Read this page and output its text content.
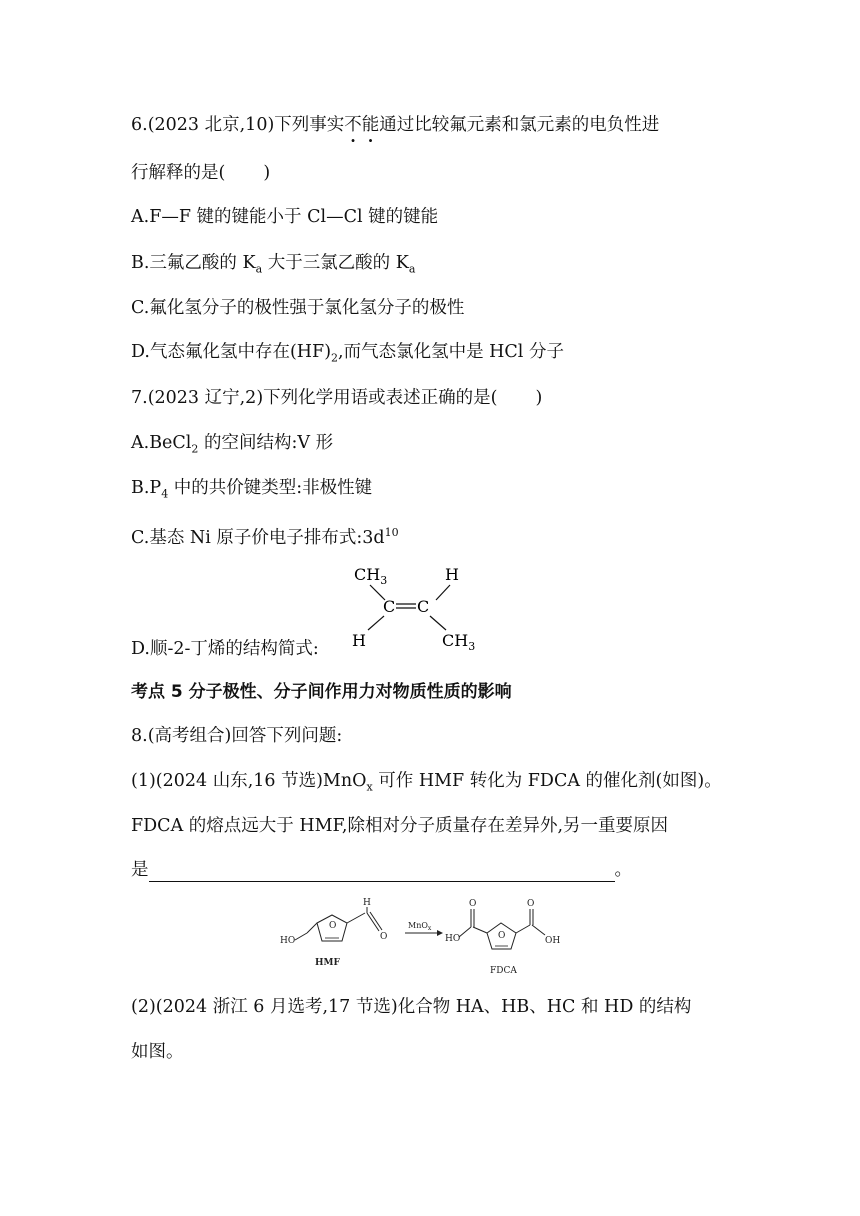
6.(2023 北京,10)下列事实不能通过比较氟元素和氯元素的电负性进
行解释的是( )
A.F—F 键的键能小于 Cl—Cl 键的键能
B.三氟乙酸的 $K_a$ 大于三氯乙酸的 $K_a$
C.氟化氢分子的极性强于氯化氢分子的极性
D.气态氟化氢中存在$(HF)_2$,而气态氯化氢中是 HCl 分子
7.(2023 辽宁,2)下列化学用语或表述正确的是( )
A.BeCl$_2$ 的空间结构:V 形
$B.P_4$ 中的共价键类型:非极性键
C.基态 Ni 原子价电子排布式$:3d^{10}$
$CH_3$	H
C C
H	$CH_3$
D.顺-2-丁烯的结构简式:
考点 5 分子极性、分子间作用力对物质性质的影响
8.(高考组合)回答下列问题:
(1)(2024 山东,16 节选)MnO$_x$ 可作 HMF 转化为 FDCA 的催化剂(如图)。
FDCA 的熔点远大于 HMF,除相对分子质量存在差异外,另一重要原因
是	。
HO
O
H
O
HMF
MnO$_x$
HO
O
O
O
OH
FDCA
(2)(2024 浙江 6 月选考,17 节选)化合物 HA、HB、HC 和 HD 的结构
如图。
